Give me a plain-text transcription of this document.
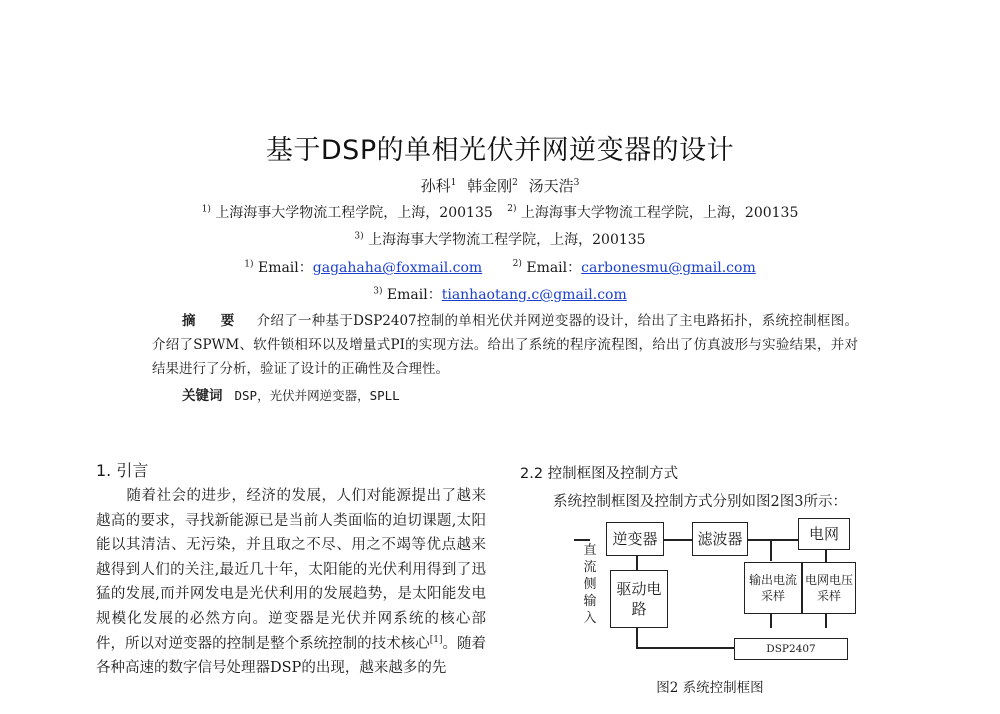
基于DSP的单相光伏并网逆变器的设计
孙科$^1$ 韩金刚$^2$ 汤天浩$^3$
$^{1)}$ 上海海事大学物流工程学院，上海，200135 $^{2)}$ 上海海事大学物流工程学院，上海，200135
$^{3)}$ 上海海事大学物流工程学院，上海，200135
$^{1)}$ Email：gagahaha@foxmail.com	$^{2)}$ Email：carbonesmu@gmail.com
$^{3)}$ Email：tianhaotang.c@gmail.com
摘 要 介绍了一种基于DSP2407控制的单相光伏并网逆变器的设计，给出了主电路拓扑，系统控制框图。介绍了SPWM、软件锁相环以及增量式PI的实现方法。给出了系统的程序流程图，给出了仿真波形与实验结果，并对结果进行了分析，验证了设计的正确性及合理性。
关键词 DSP，光伏并网逆变器，SPLL
1. 引言
随着社会的进步，经济的发展，人们对能源提出了越来越高的要求，寻找新能源已是当前人类面临的迫切课题,太阳能以其清洁、无污染，并且取之不尽、用之不竭等优点越来越得到人们的关注,最近几十年，太阳能的光伏利用得到了迅猛的发展,而并网发电是光伏利用的发展趋势，是太阳能发电规模化发展的必然方向。逆变器是光伏并网系统的核心部件，所以对逆变器的控制是整个系统控制的技术核心[1]。随着各种高速的数字信号处理器DSP的出现，越来越多的先
2.2 控制框图及控制方式
系统控制框图及控制方式分别如图2图3所示：
逆变器	滤波器	电网
驱动电路
输出电流采样
电网电压采样
DSP2407
直流侧输入
图2 系统控制框图
